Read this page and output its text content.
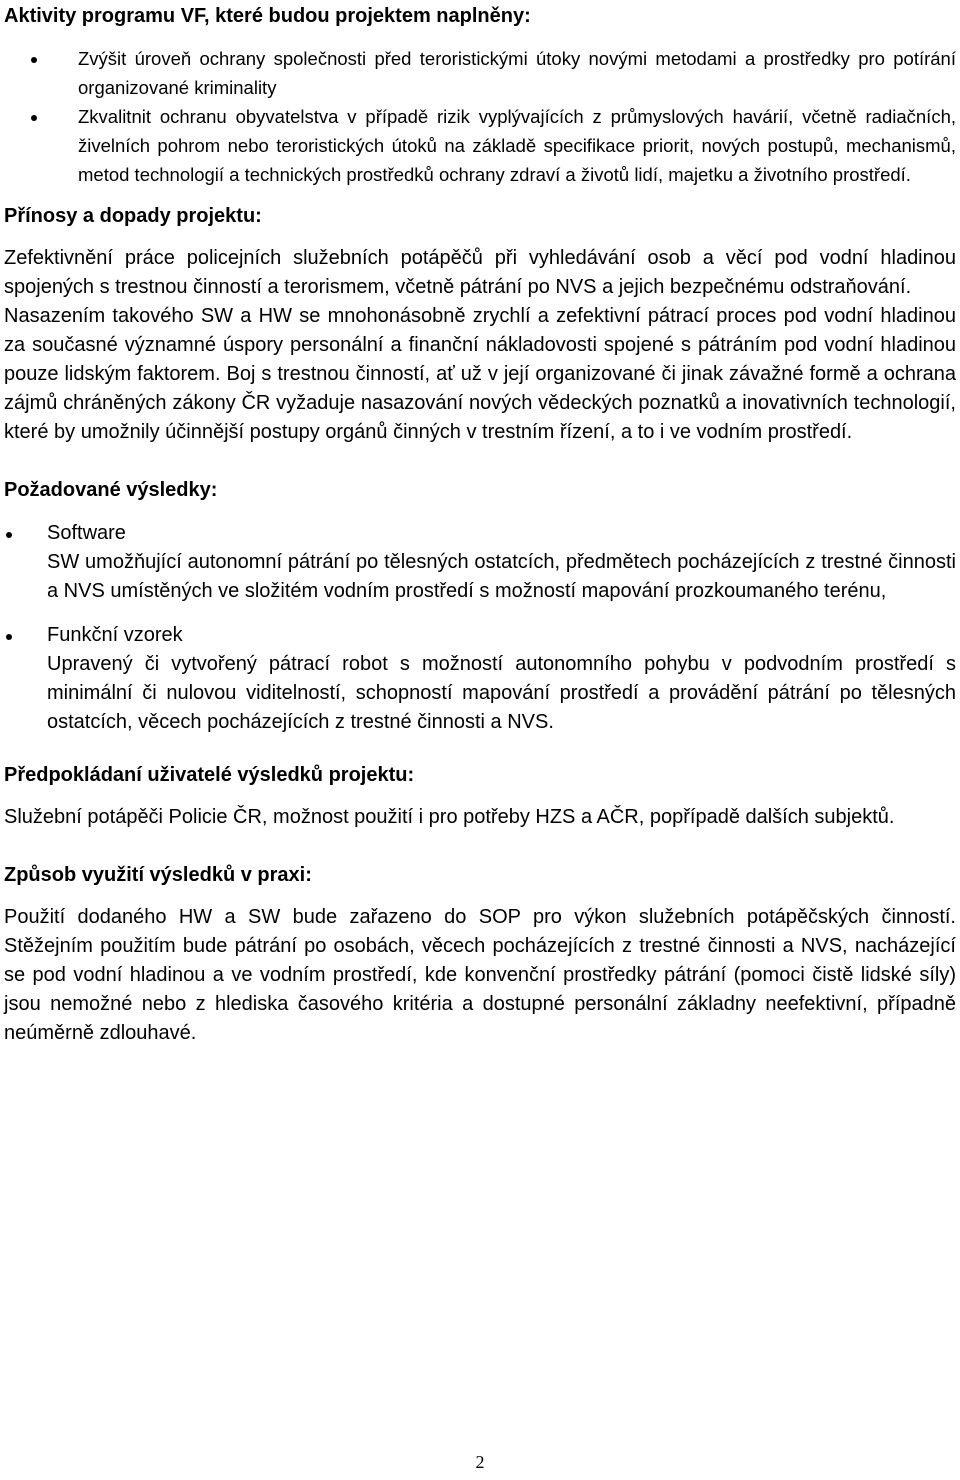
Aktivity programu VF, které budou projektem naplněny:
Zvýšit úroveň ochrany společnosti před teroristickými útoky novými metodami a prostředky pro potírání organizované kriminality
Zkvalitnit ochranu obyvatelstva v případě rizik vyplývajících z průmyslových havárií, včetně radiačních, živelních pohrom nebo teroristických útoků na základě specifikace priorit, nových postupů, mechanismů, metod technologií a technických prostředků ochrany zdraví a životů lidí, majetku a životního prostředí.
Přínosy a dopady projektu:

Zefektivnění práce policejních služebních potápěčů při vyhledávání osob a věcí pod vodní hladinou spojených s trestnou činností a terorismem, včetně pátrání po NVS a jejich bezpečnému odstraňování.

Nasazením takového SW a HW se mnohonásobně zrychlí a zefektivní pátrací proces pod vodní hladinou za současné významné úspory personální a finanční nákladovosti spojené s pátráním pod vodní hladinou pouze lidským faktorem. Boj s trestnou činností, ať už v její organizované či jinak závažné formě a ochrana zájmů chráněných zákony ČR vyžaduje nasazování nových vědeckých poznatků a inovativních technologií, které by umožnily účinnější postupy orgánů činných v trestním řízení, a to i ve vodním prostředí.

Požadované výsledky:
Software
SW umožňující autonomní pátrání po tělesných ostatcích, předmětech pocházejících z trestné činnosti a NVS umístěných ve složitém vodním prostředí s možností mapování prozkoumaného terénu,
Funkční vzorek
Upravený či vytvořený pátrací robot s možností autonomního pohybu v podvodním prostředí s minimální či nulovou viditelností, schopností mapování prostředí a provádění pátrání po tělesných ostatcích, věcech pocházejících z trestné činnosti a NVS.
Předpokládaní uživatelé výsledků projektu:

Služební potápěči Policie ČR, možnost použití i pro potřeby HZS a AČR, popřípadě dalších subjektů.

Způsob využití výsledků v praxi:

Použití dodaného HW a SW bude zařazeno do SOP pro výkon služebních potápěčských činností. Stěžejním použitím bude pátrání po osobách, věcech pocházejících z trestné činnosti a NVS, nacházející se pod vodní hladinou a ve vodním prostředí, kde konvenční prostředky pátrání (pomoci čistě lidské síly) jsou nemožné nebo z hlediska časového kritéria a dostupné personální základny neefektivní, případně neúměrně zdlouhavé.

2
